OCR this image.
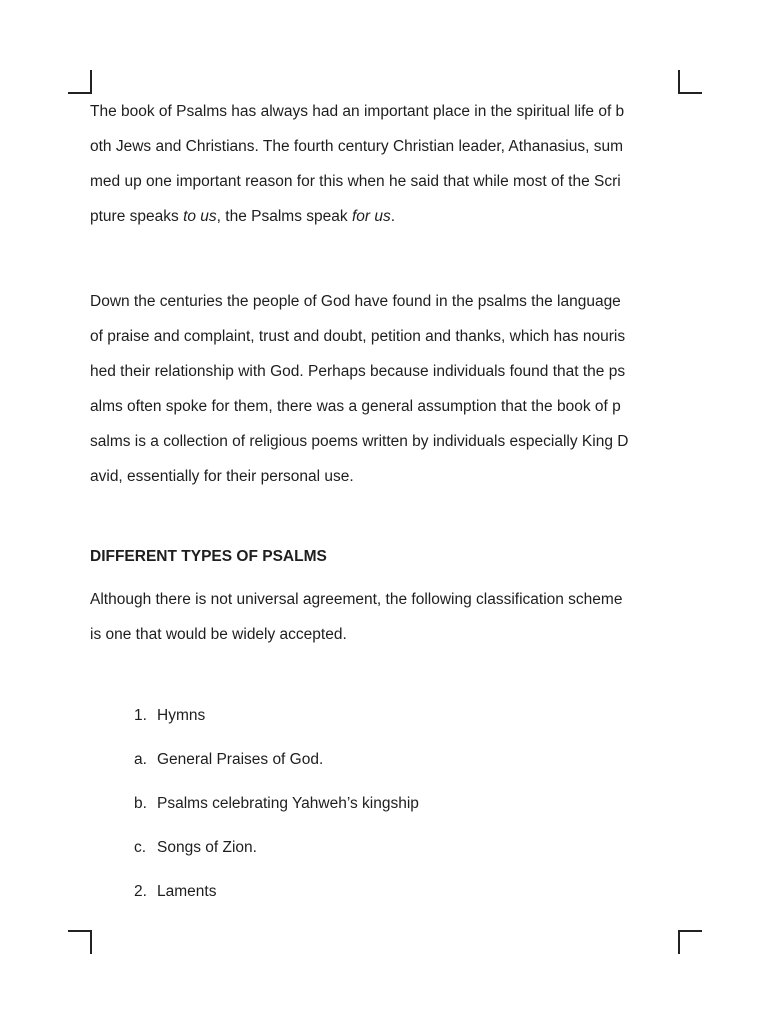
The book of Psalms has always had an important place in the spiritual life of b
oth Jews and Christians. The fourth century Christian leader, Athanasius, sum
med up one important reason for this when he said that while most of the Scri
pture speaks to us, the Psalms speak for us.

Down the centuries the people of God have found in the psalms the language
of praise and complaint, trust and doubt, petition and thanks, which has nouris
hed their relationship with God. Perhaps because individuals found that the ps
alms often spoke for them, there was a general assumption that the book of p
salms is a collection of religious poems written by individuals especially King D
avid, essentially for their personal use.

DIFFERENT TYPES OF PSALMS

Although there is not universal agreement, the following classification scheme
is one that would be widely accepted.

1. Hymns
a. General Praises of God.
b. Psalms celebrating Yahweh’s kingship
c. Songs of Zion.
2. Laments
